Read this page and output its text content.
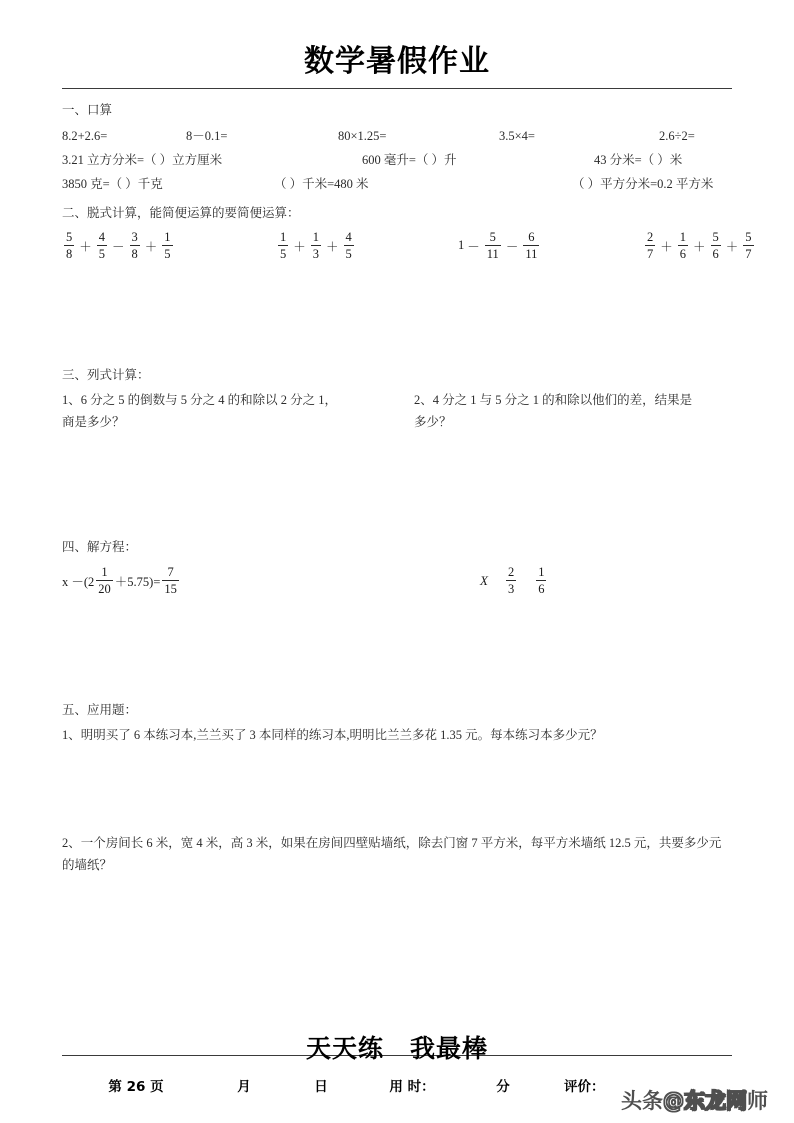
数学暑假作业
一、口算
8.2+2.6=	8－0.1=	80×1.25=	3.5×4=	2.6÷2=
3.21 立方分米=（ ）立方厘米	600 毫升=（ ）升	43 分米=（ ）米
3850 克=（ ）千克	（ ）千米=480 米	（ ）平方分米=0.2 平方米
二、脱式计算，能简便运算的要简便运算：
$\frac{5}{8} + \frac{4}{5} - \frac{3}{8} + \frac{1}{5}$	$\frac{1}{5} + \frac{1}{3} + \frac{4}{5}$	$1 - \frac{5}{11} - \frac{6}{11}$	$\frac{2}{7} + \frac{1}{6} + \frac{5}{6} + \frac{5}{7}$
三、列式计算：

1、6 分之 5 的倒数与 5 分之 4 的和除以 2 分之 1，

商是多少？

2、4 分之 1 与 5 分之 1 的和除以他们的差，结果是

多少？

四、解方程：
$x -(2 \frac{1}{20} +5.75)= \frac{7}{15}$	X $\frac{2}{3} \frac{1}{6}$
五、应用题：

1、明明买了 6 本练习本,兰兰买了 3 本同样的练习本,明明比兰兰多花 1.35 元。每本练习本多少元？

2、一个房间长 6 米，宽 4 米，高 3 米，如果在房间四壁贴墙纸，除去门窗 7 平方米，每平方米墙纸 12.5 元，共要多少元的墙纸？

天天练 我最棒
第 26 页	月	日	用 时：	分	评价：
头条@东龙网师
